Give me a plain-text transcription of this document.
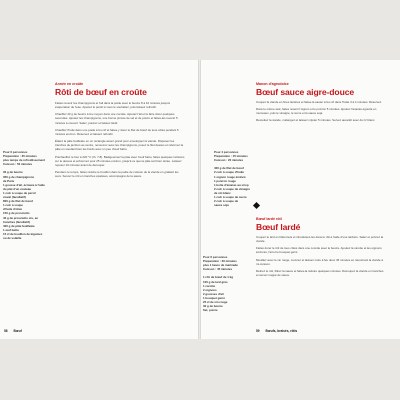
Année en croûte
Rôti de bœuf en croûte
Pour 6 personnes
Préparation : 35 minutes
plus temps de refroidissement
Cuisson : 50 minutes

30 g de beurre
350 g de champignons
de Paris
1 gousse d'ail, écrasée à l'aide
du plat d'un couteau
1 cuil. à soupe de persil
ciselé (facultatif)
800 g de filet de bœuf
1 cuil. à soupe
d'huile d'olive
150 g de prosciutto
40 g de prosciutto cru, en
tranches (facultatif)
400 g de pâte feuilletée
1 œuf battu
15 cl de bouillon de légumes
ou de volaille

Faites revenir les champignons et l'ail dans la poêle avec le beurre 8 à 10 minutes jusqu'à évaporation de l'eau. Ajoutez le persil si vous le souhaitez, puis laissez refroidir.

Chauffez 20 g de beurre à feu moyen dans une cocotte. Ajoutez l'ail et la faire dorer quelques secondes. Ajoutez les champignons, une bonne pincée de sel et de poivre et faites-les revenir 5 minutes à couvert. Salez, poivrez et laissez tiédir.

Chauffez l'huile dans une poêle à feu vif et faites-y dorer le filet de bœuf de tous côtés pendant 5 minutes environ. Réservez et laissez refroidir.

Étalez la pâte feuilletée en un rectangle assez grand pour envelopper la viande. Disposez les tranches de jambon au centre, recouvrez avec les champignons, posez le filet dessus et refermez la pâte en soudant bien les bords avec un peu d'œuf battu.

Préchauffez le four à 220 °C (th. 7-8). Badigeonnez la pâte avec l'œuf battu, faites quelques incisions sur le dessus et enfournez pour 25 minutes environ, jusqu'à ce que la pâte soit bien dorée. Laissez reposer 10 minutes avant de découper.

Pendant ce temps, faites réduire le bouillon dans la poêle de cuisson de la viande en grattant les sucs. Servez le rôti en tranches épaisses, accompagné de la sauce.

58 Bœuf
Manon d'agrodolce
Bœuf sauce aigre-douce
Pour 4 personnes
Préparation : 15 minutes
Cuisson : 20 minutes

400 g de filet de bœuf
2 cuil. à soupe d'huile
1 oignon rouge émincé
1 poivron rouge
1 boîte d'ananas au sirop
2 cuil. à soupe de vinaigre
de vin blanc
1 cuil. à soupe de sucre
2 cuil. à soupe de
sauce soja

Coupez la viande en fines lanières et faites-la sauter à feu vif dans l'huile 3 à 4 minutes. Réservez.

Dans le même wok, faites revenir l'oignon et le poivron 5 minutes. Ajoutez l'ananas égoutté en morceaux, puis le vinaigre, le sucre et la sauce soja.

Remettez la viande, mélangez et laissez mijoter 5 minutes. Servez aussitôt avec du riz blanc.

Bœuf lardé rôti
Bœuf lardé
Pour 6 personnes
Préparation : 30 minutes
plus 1 heure de marinade
Cuisson : 45 minutes

1 rôti de bœuf de 1 kg
100 g de lard gras
1 carotte
2 oignons
2 gousses d'ail
1 bouquet garni
25 cl de vin rouge
30 g de beurre
Sel, poivre

Coupez le lard en bâtonnets et introduisez-les dans le rôti à l'aide d'une lardoire. Salez et poivrez la viande.

Faites dorer le rôti de tous côtés dans une cocotte avec le beurre. Ajoutez la carotte et les oignons émincés, l'ail et le bouquet garni.

Mouillez avec le vin rouge, couvrez et laissez cuire à feu doux 45 minutes en retournant la viande à mi-cuisson.

Retirez le rôti, filtrez la sauce et faites-la réduire quelques minutes. Découpez la viande en tranches et servez nappé de sauce.

59 Bœufs, braisés, rôtis
